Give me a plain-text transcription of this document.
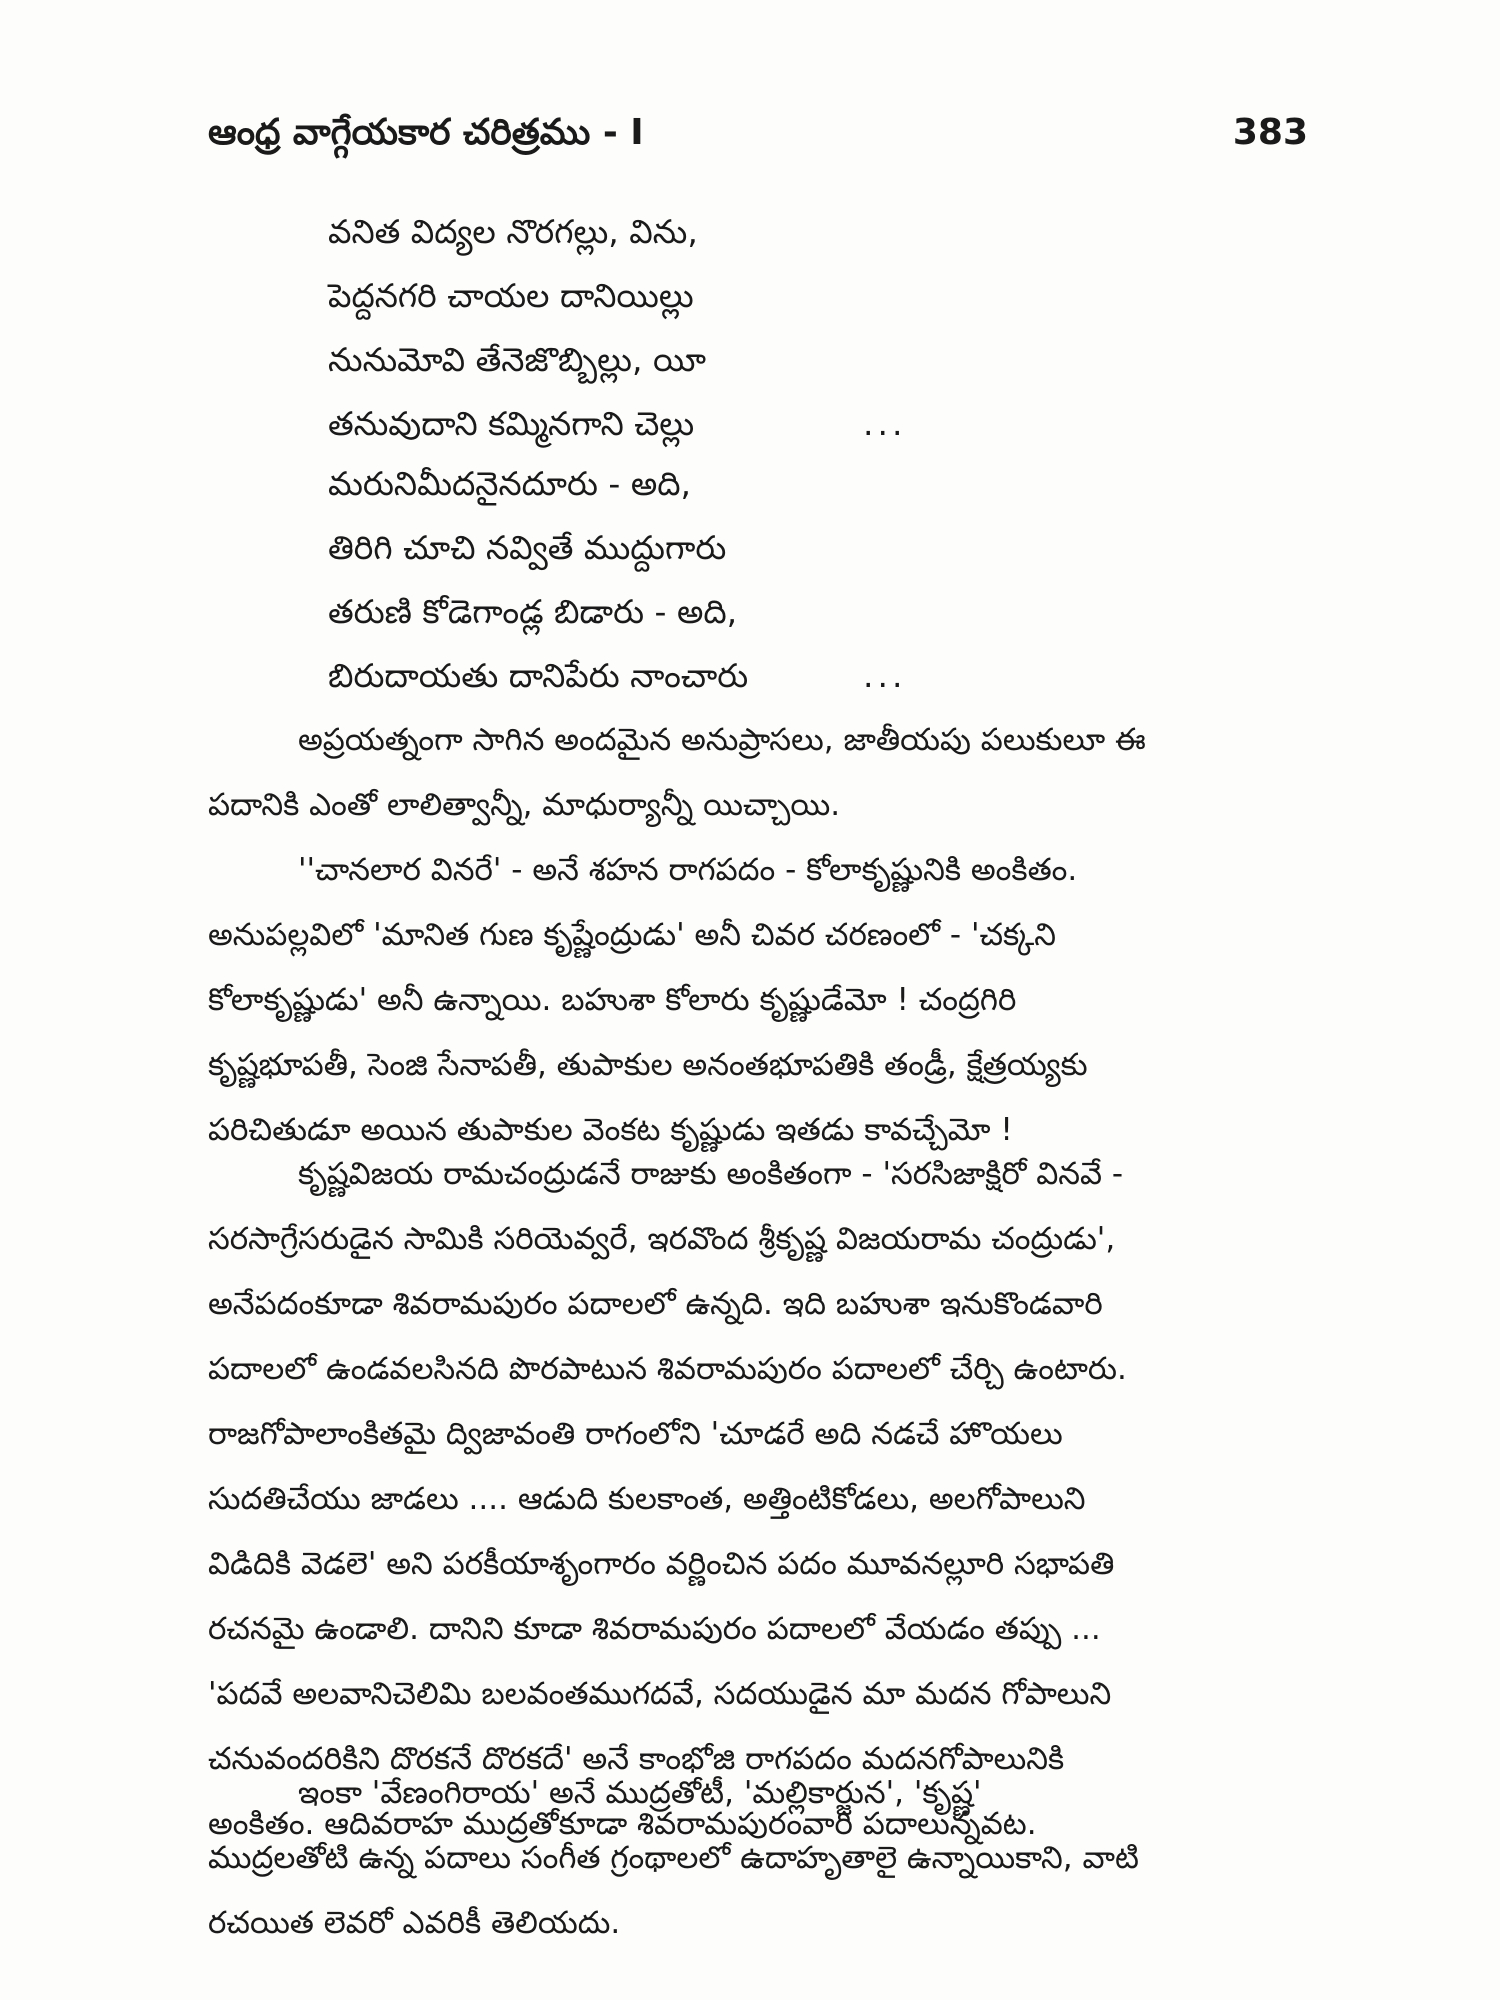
ఆంధ్ర వాగ్గేయకార చరిత్రము - I	383
వనిత విద్యల నొరగల్లు, విను,
పెద్దనగరి చాయల దానియిల్లు
నునుమోవి తేనెజొబ్బిల్లు, యీ
తనువుదాని కమ్మినగాని చెల్లు	...
మరునిమీదనైనదూరు - అది,
తిరిగి చూచి నవ్వితే ముద్దుగారు
తరుణి కోడెగాండ్ల బిడారు - అది,
బిరుదాయతు దానిపేరు నాంచారు	...
అప్రయత్నంగా సాగిన అందమైన అనుప్రాసలు, జాతీయపు పలుకులూ ఈ
పదానికి ఎంతో లాలిత్వాన్నీ, మాధుర్యాన్నీ యిచ్చాయి.
''చానలార వినరే' - అనే శహన రాగపదం - కోలాకృష్ణునికి అంకితం.
అనుపల్లవిలో 'మానిత గుణ కృష్ణేంద్రుడు' అనీ చివర చరణంలో - 'చక్కని
కోలాకృష్ణుడు' అనీ ఉన్నాయి. బహుశా కోలారు కృష్ణుడేమో ! చంద్రగిరి
కృష్ణభూపతీ, సెంజి సేనాపతీ, తుపాకుల అనంతభూపతికి తండ్రీ, క్షేత్రయ్యకు
పరిచితుడూ అయిన తుపాకుల వెంకట కృష్ణుడు ఇతడు కావచ్చేమో !
కృష్ణవిజయ రామచంద్రుడనే రాజుకు అంకితంగా - 'సరసిజాక్షిరో వినవే -
సరసాగ్రేసరుడైన సామికి సరియెవ్వరే, ఇరవొంద శ్రీకృష్ణ విజయరామ చంద్రుడు',
అనేపదంకూడా శివరామపురం పదాలలో ఉన్నది. ఇది బహుశా ఇనుకొండవారి
పదాలలో ఉండవలసినది పొరపాటున శివరామపురం పదాలలో చేర్చి ఉంటారు.
రాజగోపాలాంకితమై ద్విజావంతి రాగంలోని 'చూడరే అది నడచే హొయలు
సుదతిచేయు జాడలు .... ఆడుది కులకాంత, అత్తింటికోడలు, అలగోపాలుని
విడిదికి వెడలె' అని పరకీయాశృంగారం వర్ణించిన పదం మూవనల్లూరి సభాపతి
రచనమై ఉండాలి. దానిని కూడా శివరామపురం పదాలలో వేయడం తప్పు ...
'పదవే అలవానిచెలిమి బలవంతముగదవే, సదయుడైన మా మదన గోపాలుని
చనువందరికిని దొరకనే దొరకదే' అనే కాంభోజి రాగపదం మదనగోపాలునికి
అంకితం. ఆదివరాహ ముద్రతోకూడా శివరామపురంవారి పదాలున్నవట.
ఇంకా 'వేణంగిరాయ' అనే ముద్రతోటీ, 'మల్లికార్జున', 'కృష్ణ'
ముద్రలతోటి ఉన్న పదాలు సంగీత గ్రంథాలలో ఉదాహృతాలై ఉన్నాయికాని, వాటి
రచయిత లెవరో ఎవరికీ తెలియదు.
